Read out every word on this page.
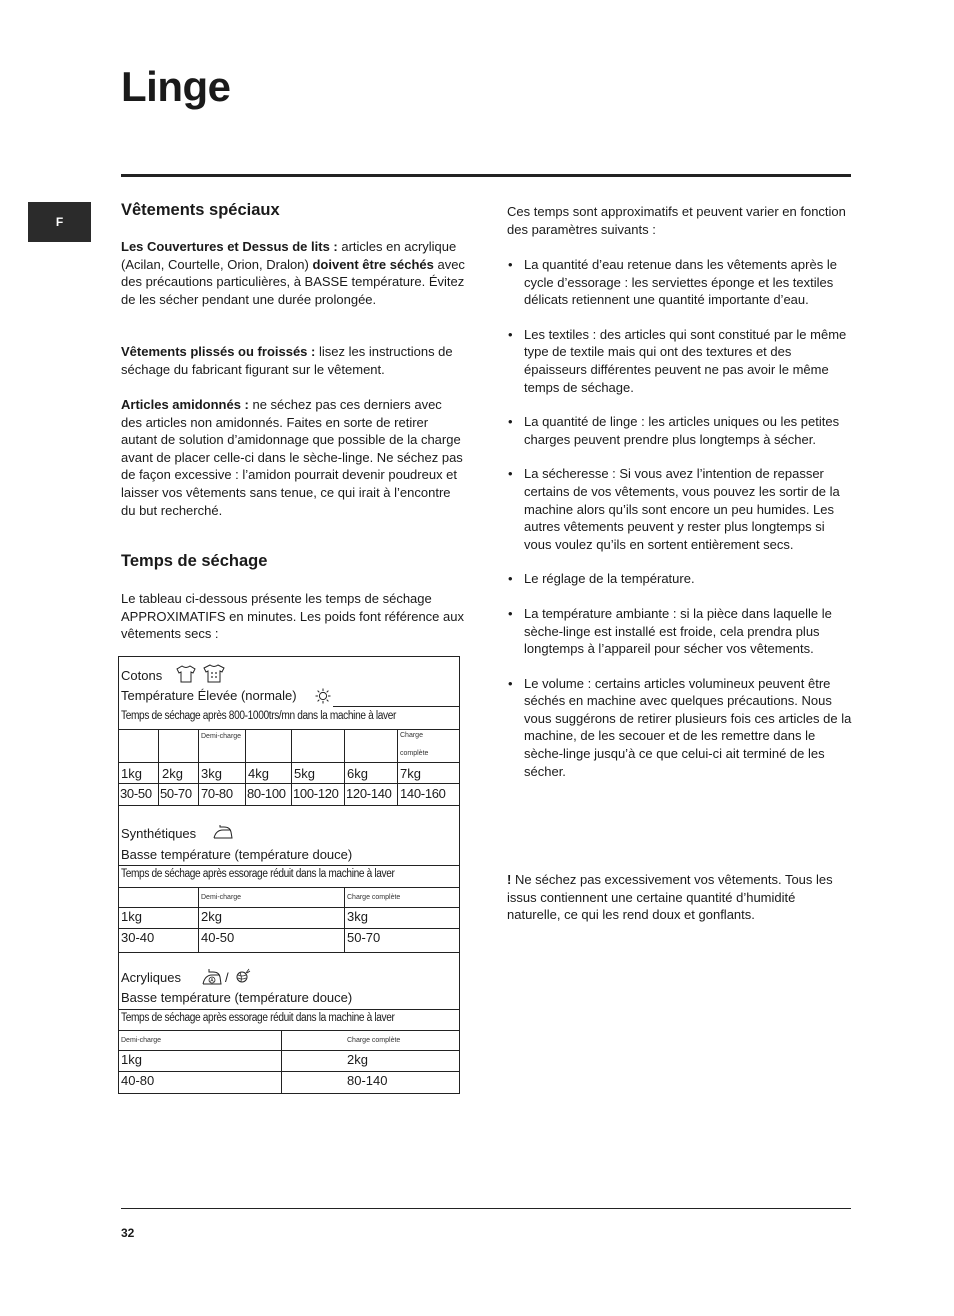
Linge
F
Vêtements spéciaux

Les Couvertures et Dessus de lits : articles en acrylique (Acilan, Courtelle, Orion, Dralon) doivent être séchés avec des précautions particulières, à BASSE température. Évitez de les sécher pendant une durée prolongée.

Vêtements plissés ou froissés : lisez les instructions de séchage du fabricant figurant sur le vêtement.

Articles amidonnés : ne séchez pas ces derniers avec des articles non amidonnés. Faites en sorte de retirer autant de solution d’amidonnage que possible de la charge avant de placer celle-ci dans le sèche-linge. Ne séchez pas de façon excessive : l’amidon pourrait devenir poudreux et laisser vos vêtements sans tenue, ce qui irait à l’encontre du but recherché.

Temps de séchage

Le tableau ci-dessous présente les temps de séchage APPROXIMATIFS en minutes. Les poids font référence aux vêtements secs :

Cotons
Température Élevée (normale)
Temps de séchage après 800-1000trs/mn dans la machine à laver
Demi-charge	Charge
complète
1kg 2kg 3kg 4kg 5kg 6kg 7kg
30-50 50-70 70-80 80-100 100-120 120-140 140-160
Synthétiques
Basse température (température douce)
Temps de séchage après essorage réduit dans la machine à laver
Demi-charge	Charge complète
1kg	2kg	3kg
30-40	40-50	50-70
Acryliques	A /
Basse température (température douce)
Temps de séchage après essorage réduit dans la machine à laver
Demi-charge	Charge complète
1kg	2kg
40-80	80-140

Ces temps sont approximatifs et peuvent varier en fonction des paramètres suivants :

• La quantité d’eau retenue dans les vêtements après le cycle d’essorage : les serviettes éponge et les textiles délicats retiennent une quantité importante d’eau.
• Les textiles : des articles qui sont constitué par le même type de textile mais qui ont des textures et des épaisseurs différentes peuvent ne pas avoir le même temps de séchage.
• La quantité de linge : les articles uniques ou les petites charges peuvent prendre plus longtemps à sécher.
• La sécheresse : Si vous avez l’intention de repasser certains de vos vêtements, vous pouvez les sortir de la machine alors qu’ils sont encore un peu humides. Les autres vêtements peuvent y rester plus longtemps si vous voulez qu’ils en sortent entièrement secs.
• Le réglage de la température.
• La température ambiante : si la pièce dans laquelle le sèche-linge est installé est froide, cela prendra plus longtemps à l’appareil pour sécher vos vêtements.
• Le volume : certains articles volumineux peuvent être séchés en machine avec quelques précautions. Nous vous suggérons de retirer plusieurs fois ces articles de la machine, de les secouer et de les remettre dans le sèche-linge jusqu’à ce que celui-ci ait terminé de les sécher.

! Ne séchez pas excessivement vos vêtements. Tous les issus contiennent une certaine quantité d’humidité naturelle, ce qui les rend doux et gonflants.

32
